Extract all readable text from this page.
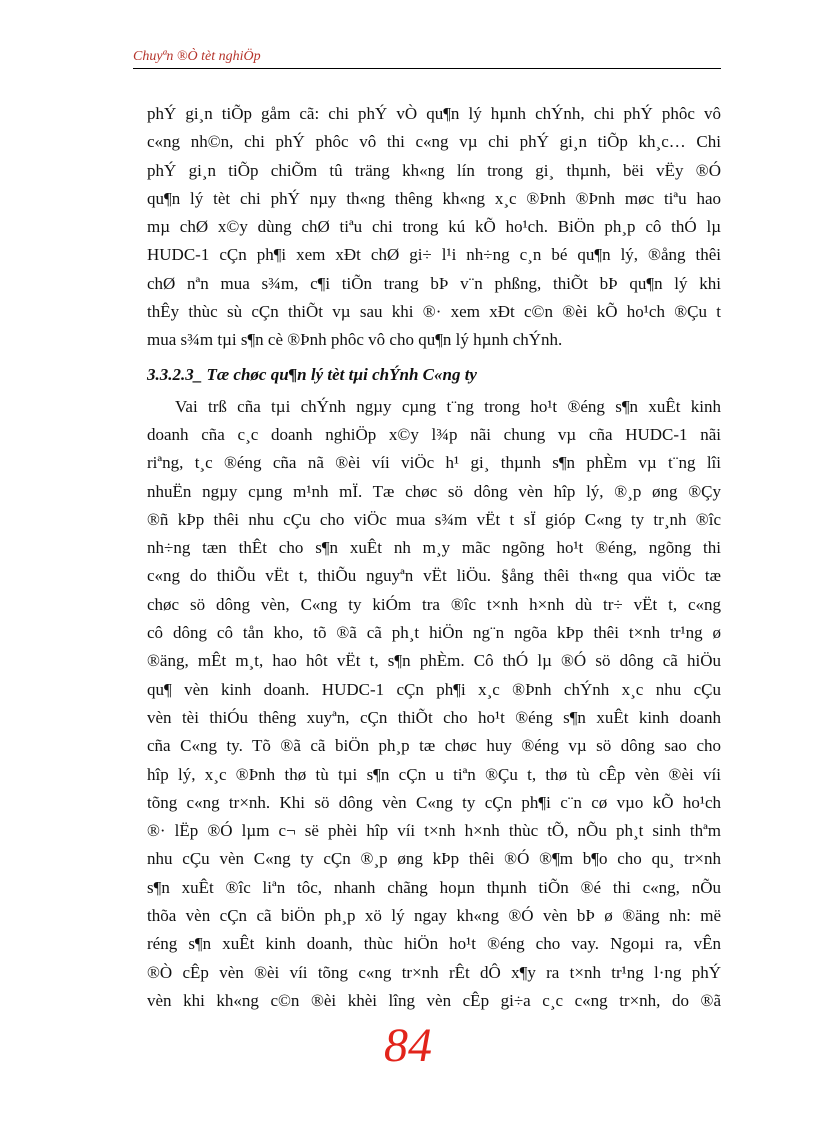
Chuyªn ®Ò tèt nghiÖp
phÝ gi¸n tiÕp gåm cã: chi phÝ vÒ qu¶n lý hµnh chÝnh, chi phÝ phôc vô
c«ng nh©n, chi phÝ phôc vô thi c«ng vµ chi phÝ gi¸n tiÕp kh¸c… Chi
phÝ gi¸n tiÕp chiÕm tû träng kh«ng lín trong gi¸ thµnh, bëi vËy ®Ó
qu¶n lý tèt chi phÝ nµy th«ng thêng kh«ng x¸c ®Þnh ®Þnh møc tiªu hao
mµ chØ x©y dùng chØ tiªu chi trong kú kÕ ho¹ch. BiÖn ph¸p cô thÓ lµ
HUDC-1 cÇn ph¶i xem xÐt chØ gi÷ l¹i nh÷ng c¸n bé qu¶n lý, ®ång thêi
chØ nªn mua s¾m, c¶i tiÕn trang bÞ v¨n phßng, thiÕt bÞ qu¶n lý khi
thÊy thùc sù cÇn thiÕt vµ sau khi ®· xem xÐt c©n ®èi kÕ ho¹ch ®Çu t
mua s¾m tµi s¶n cè ®Þnh phôc vô cho qu¶n lý hµnh chÝnh.
3.3.2.3_ Tæ chøc qu¶n lý tèt tµi chÝnh C«ng ty
Vai trß cña tµi chÝnh ngµy cµng t¨ng trong ho¹t ®éng s¶n xuÊt kinh
doanh cña c¸c doanh nghiÖp x©y l¾p nãi chung vµ cña HUDC-1 nãi
riªng, t¸c ®éng cña nã ®èi víi viÖc h¹ gi¸ thµnh s¶n phÈm vµ t¨ng lîi
nhuËn ngµy cµng m¹nh mÏ. Tæ chøc sö dông vèn hîp lý, ®¸p øng ®Çy
®ñ kÞp thêi nhu cÇu cho viÖc mua s¾m vËt t sÏ gióp C«ng ty tr¸nh ®îc
nh÷ng tæn thÊt cho s¶n xuÊt nh m¸y mãc ngõng ho¹t ®éng, ngõng thi
c«ng do thiÕu vËt t, thiÕu nguyªn vËt liÖu. §ång thêi th«ng qua viÖc tæ
chøc sö dông vèn, C«ng ty kiÓm tra ®îc t×nh h×nh dù tr÷ vËt t, c«ng
cô dông cô tån kho, tõ ®ã cã ph¸t hiÖn ng¨n ngõa kÞp thêi t×nh tr¹ng ø
®äng, mÊt m¸t, hao hôt vËt t, s¶n phÈm. Cô thÓ lµ ®Ó sö dông cã hiÖu
qu¶ vèn kinh doanh. HUDC-1 cÇn ph¶i x¸c ®Þnh chÝnh x¸c nhu cÇu
vèn tèi thiÓu thêng xuyªn, cÇn thiÕt cho ho¹t ®éng s¶n xuÊt kinh doanh
cña C«ng ty. Tõ ®ã cã biÖn ph¸p tæ chøc huy ®éng vµ sö dông sao cho
hîp lý, x¸c ®Þnh thø tù tµi s¶n cÇn u tiªn ®Çu t, thø tù cÊp vèn ®èi víi
tõng c«ng tr×nh. Khi sö dông vèn C«ng ty cÇn ph¶i c¨n cø vµo kÕ ho¹ch
®· lËp ®Ó lµm c¬ së phèi hîp víi t×nh h×nh thùc tÕ, nÕu ph¸t sinh thªm
nhu cÇu vèn C«ng ty cÇn ®¸p øng kÞp thêi ®Ó ®¶m b¶o cho qu¸ tr×nh
s¶n xuÊt ®îc liªn tôc, nhanh chãng hoµn thµnh tiÕn ®é thi c«ng, nÕu
thõa vèn cÇn cã biÖn ph¸p xö lý ngay kh«ng ®Ó vèn bÞ ø ®äng nh: më
réng s¶n xuÊt kinh doanh, thùc hiÖn ho¹t ®éng cho vay. Ngoµi ra, vÊn
®Ò cÊp vèn ®èi víi tõng c«ng tr×nh rÊt dÔ x¶y ra t×nh tr¹ng l·ng phÝ
vèn khi kh«ng c©n ®èi khèi lîng vèn cÊp gi÷a c¸c c«ng tr×nh, do ®ã
84
